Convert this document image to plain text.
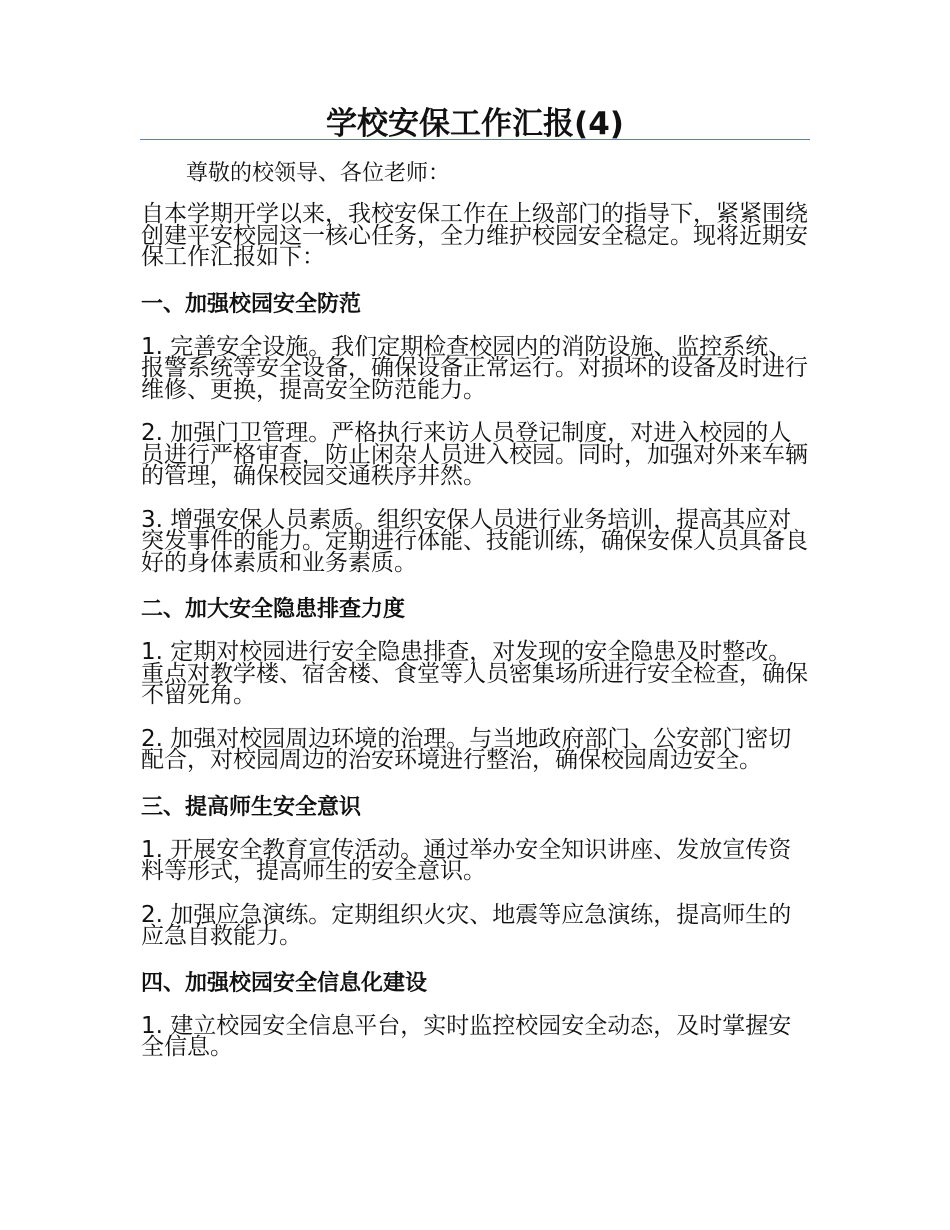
学校安保工作汇报(4)

尊敬的校领导、各位老师：

自本学期开学以来，我校安保工作在上级部门的指导下，紧紧围绕创建平安校园这一核心任务，全力维护校园安全稳定。现将近期安保工作汇报如下：

一、加强校园安全防范

1. 完善安全设施。我们定期检查校园内的消防设施、监控系统、报警系统等安全设备，确保设备正常运行。对损坏的设备及时进行维修、更换，提高安全防范能力。

2. 加强门卫管理。严格执行来访人员登记制度，对进入校园的人员进行严格审查，防止闲杂人员进入校园。同时，加强对外来车辆的管理，确保校园交通秩序井然。

3. 增强安保人员素质。组织安保人员进行业务培训，提高其应对突发事件的能力。定期进行体能、技能训练，确保安保人员具备良好的身体素质和业务素质。

二、加大安全隐患排查力度

1. 定期对校园进行安全隐患排查，对发现的安全隐患及时整改。重点对教学楼、宿舍楼、食堂等人员密集场所进行安全检查，确保不留死角。

2. 加强对校园周边环境的治理。与当地政府部门、公安部门密切配合，对校园周边的治安环境进行整治，确保校园周边安全。

三、提高师生安全意识

1. 开展安全教育宣传活动。通过举办安全知识讲座、发放宣传资料等形式，提高师生的安全意识。

2. 加强应急演练。定期组织火灾、地震等应急演练，提高师生的应急自救能力。

四、加强校园安全信息化建设

1. 建立校园安全信息平台，实时监控校园安全动态，及时掌握安全信息。
